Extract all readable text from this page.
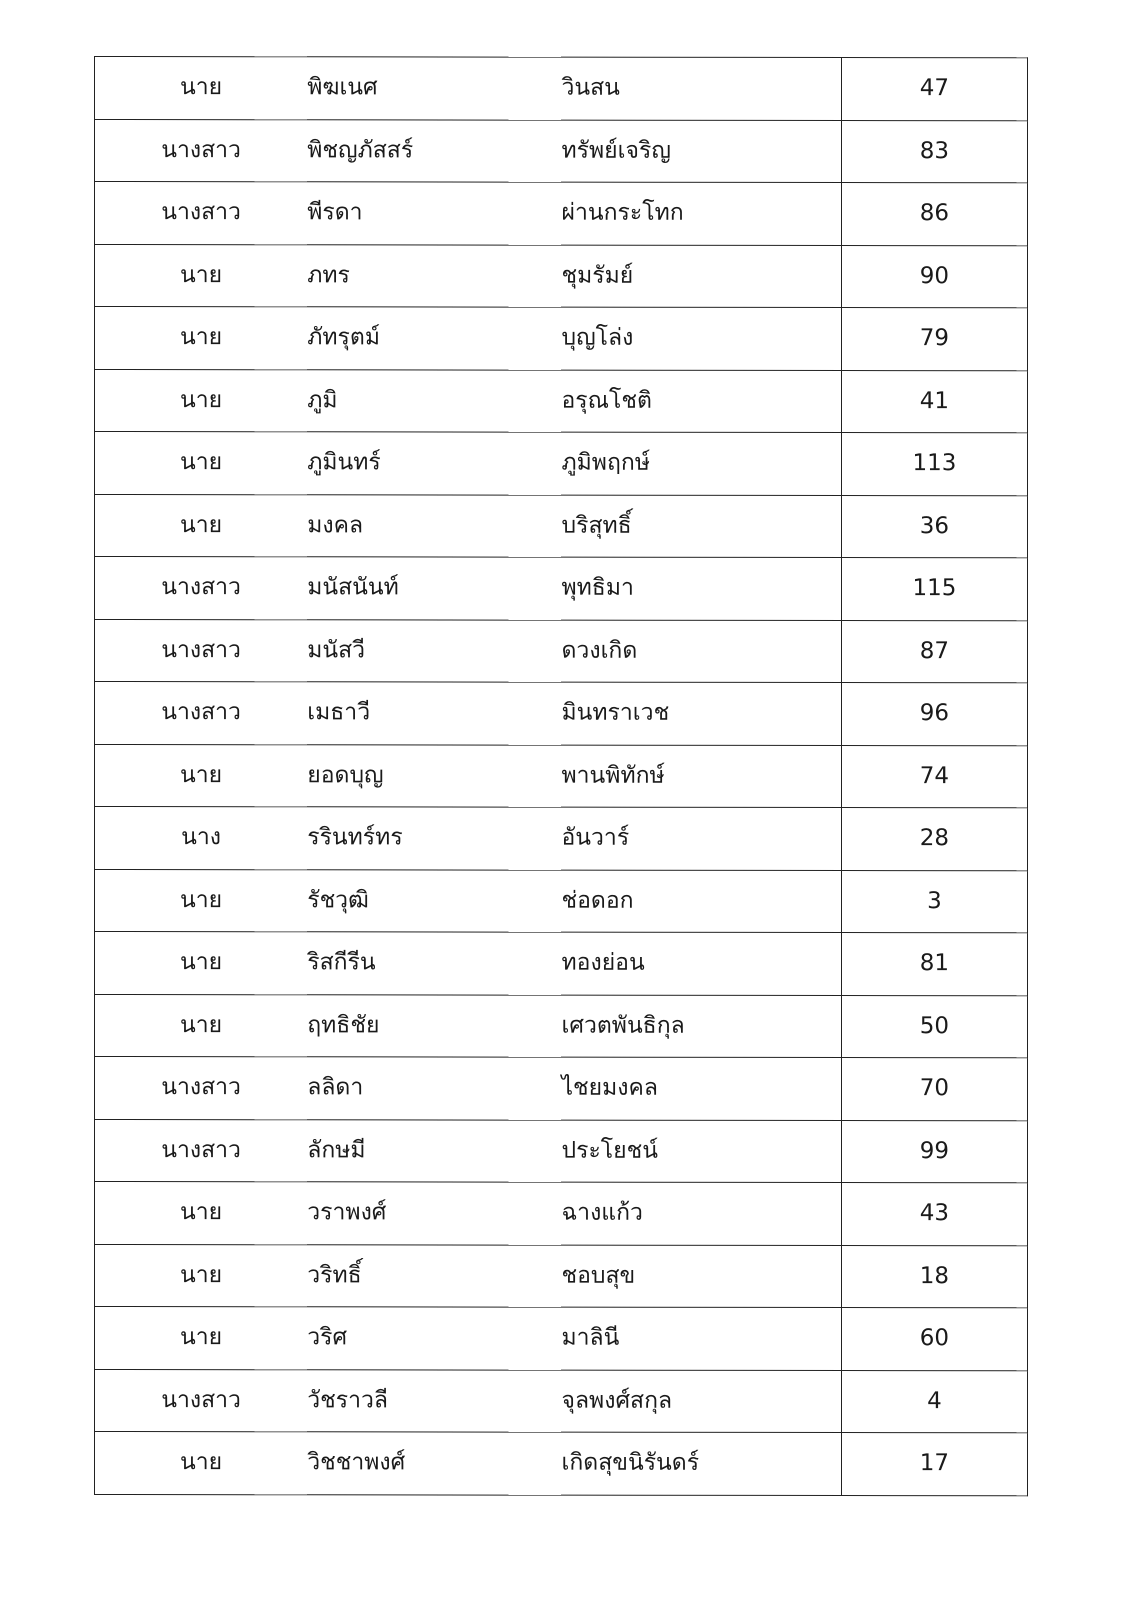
นาย	พิฆเนศ	วินสน	47
นางสาว	พิชญภัสสร์	ทรัพย์เจริญ	83
นางสาว	พีรดา	ผ่านกระโทก	86
นาย	ภทร	ชุมรัมย์	90
นาย	ภัทรุตม์	บุญโล่ง	79
นาย	ภูมิ	อรุณโชติ	41
นาย	ภูมินทร์	ภูมิพฤกษ์	113
นาย	มงคล	บริสุทธิ์	36
นางสาว	มนัสนันท์	พุทธิมา	115
นางสาว	มนัสวี	ดวงเกิด	87
นางสาว	เมธาวี	มินทราเวช	96
นาย	ยอดบุญ	พานพิทักษ์	74
นาง	รรินทร์ทร	อันวาร์	28
นาย	รัชวุฒิ	ช่อดอก	3
นาย	ริสกีรีน	ทองย่อน	81
นาย	ฤทธิชัย	เศวตพันธิกุล	50
นางสาว	ลลิดา	ไชยมงคล	70
นางสาว	ลักษมี	ประโยชน์	99
นาย	วราพงศ์	ฉางแก้ว	43
นาย	วริทธิ์	ชอบสุข	18
นาย	วริศ	มาลินี	60
นางสาว	วัชราวลี	จุลพงศ์สกุล	4
นาย	วิชชาพงศ์	เกิดสุขนิรันดร์	17
